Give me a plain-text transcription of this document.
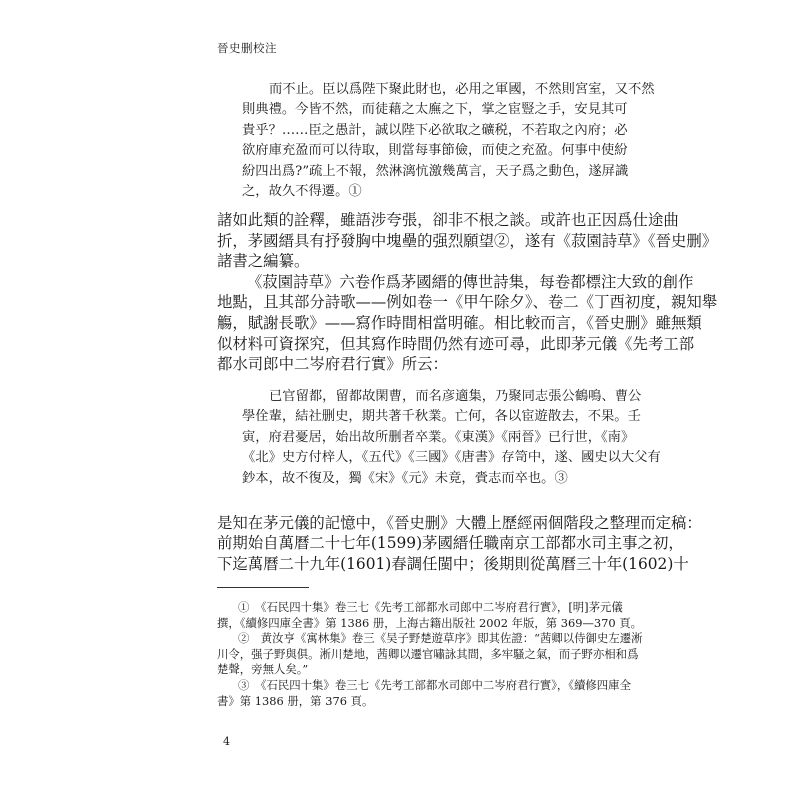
晉史删校注
而不止。臣以爲陛下聚此財也，必用之軍國，不然則宮室，又不然
則典禮。今皆不然，而徒藉之太廡之下，掌之宦豎之手，安見其可
貴乎？……臣之愚計，誠以陛下必欲取之礦税，不若取之內府；必
欲府庫充盈而可以待取，則當每事節儉，而使之充盈。何事中使紛
紛四出爲?”疏上不報，然淋漓忼激幾萬言，天子爲之動色，遂屏識
之，故久不得遷。①
諸如此類的詮釋，雖語涉夸張，卻非不根之談。或許也正因爲仕途曲
折，茅國縉具有抒發胸中塊壘的强烈願望②，遂有《菽園詩草》《晉史删》
諸書之編纂。
《菽園詩草》六卷作爲茅國縉的傳世詩集，每卷都標注大致的創作
地點，且其部分詩歌——例如卷一《甲午除夕》、卷二《丁酉初度，親知舉
觴，賦謝長歌》——寫作時間相當明確。相比較而言，《晉史删》雖無類
似材料可資探究，但其寫作時間仍然有迹可尋，此即茅元儀《先考工部
都水司郎中二岑府君行實》所云：
已官留都，留都故閑曹，而名彦適集，乃聚同志張公鶴鳴、曹公
學佺輩，結社删史，期共著千秋業。亡何，各以宦遊散去，不果。壬
寅，府君憂居，始出故所删者卒業。《東漢》《兩晉》已行世，《南》
《北》史方付梓人，《五代》《三國》《唐書》存笥中，遂、國史以大父有
鈔本，故不復及，獨《宋》《元》未竟，賫志而卒也。③
是知在茅元儀的記憶中，《晉史删》大體上歷經兩個階段之整理而定稿：
前期始自萬曆二十七年(1599)茅國縉任職南京工部都水司主事之初，
下迄萬曆二十九年(1601)春調任閩中；後期則從萬曆三十年(1602)十
①　《石民四十集》卷三七《先考工部都水司郎中二岑府君行實》，[明]茅元儀
撰，《續修四庫全書》第 1386 册，上海古籍出版社 2002 年版，第 369—370 頁。
②　黄汝亨《寓林集》卷三《吴子野楚遊草序》即其佐證：“茜卿以侍御史左遷淅
川令，强子野與俱。淅川楚地，茜卿以遷官嘯詠其間，多牢騷之氣，而子野亦相和爲
楚聲，旁無人矣。”
③　《石民四十集》卷三七《先考工部都水司郎中二岑府君行實》，《續修四庫全
書》第 1386 册，第 376 頁。
4
